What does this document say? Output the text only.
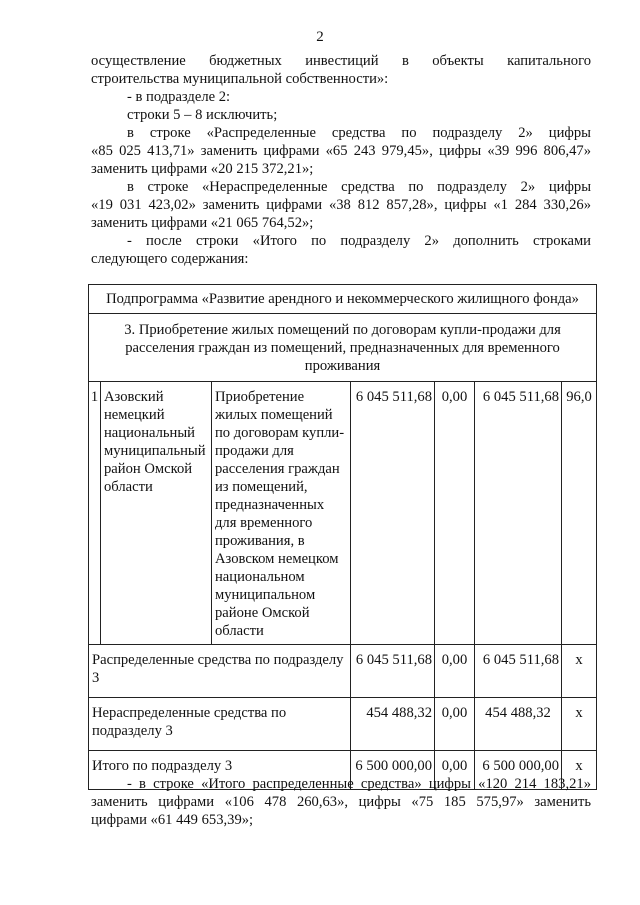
2

осуществление бюджетных инвестиций в объекты капитального

строительства муниципальной собственности»:

- в подразделе 2:

строки 5 – 8 исключить;

в строке «Распределенные средства по подразделу 2» цифры

«85 025 413,71» заменить цифрами «65 243 979,45», цифры «39 996 806,47»

заменить цифрами «20 215 372,21»;

в строке «Нераспределенные средства по подразделу 2» цифры

«19 031 423,02» заменить цифрами «38 812 857,28», цифры «1 284 330,26»

заменить цифрами «21 065 764,52»;

- после строки «Итого по подразделу 2» дополнить строками

следующего содержания:

Подпрограмма «Развитие арендного и некоммерческого жилищного фонда»						
3. Приобретение жилых помещений по договорам купли-продажи для расселения граждан из помещений, предназначенных для временного проживания						
1	Азовский немецкий национальный муниципальный район Омской области	Приобретение жилых помещений по договорам купли-продажи для расселения граждан из помещений, предназначенных для временного проживания, в Азовском немецком национальном муниципальном районе Омской области	6 045 511,68	0,00	6 045 511,68	96,0
Распределенные средства по подразделу 3			6 045 511,68	0,00	6 045 511,68	х
Нераспределенные средства по подразделу 3			454 488,32	0,00	454 488,32	х
Итого по подразделу 3			6 500 000,00	0,00	6 500 000,00	х

- в строке «Итого распределенные средства» цифры «120 214 183,21»

заменить цифрами «106 478 260,63», цифры «75 185 575,97» заменить

цифрами «61 449 653,39»;
